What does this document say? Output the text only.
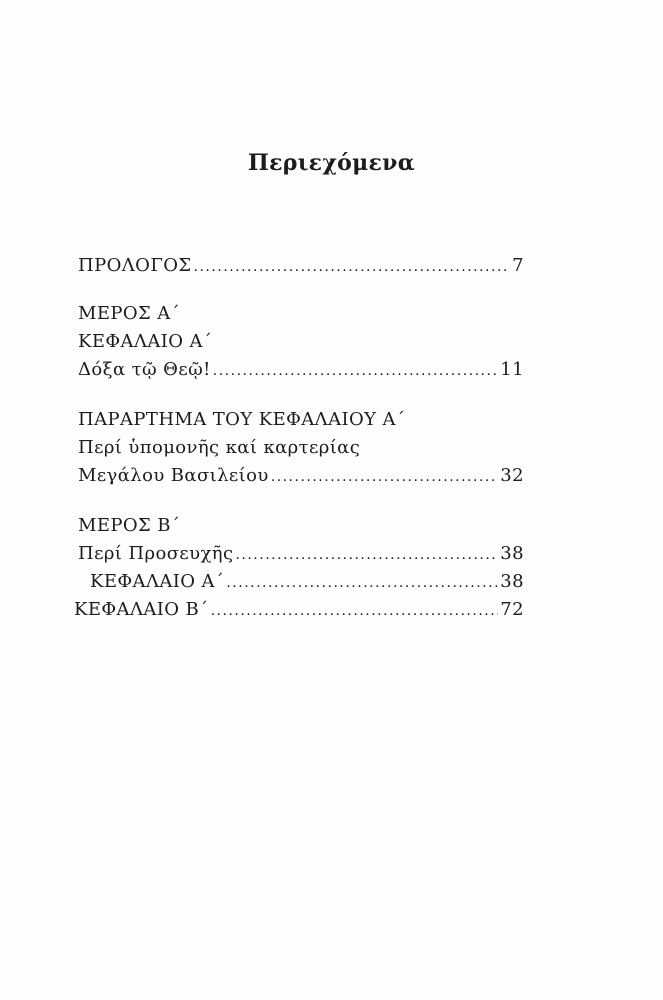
Περιεχόμενα
ΠΡΟΛΟΓΟΣ .....	7
ΜΕΡΟΣ Α΄
ΚΕΦΑΛΑΙΟ Α΄
Δόξα τῷ Θεῷ! .....	11
ΠΑΡΑΡΤΗΜΑ ΤΟΥ ΚΕΦΑΛΑΙΟΥ Α΄
Περί ὑπομονῆς καί καρτερίας
Μεγάλου Βασιλείου .....	32
ΜΕΡΟΣ Β΄
Περί Προσευχῆς .....	38
ΚΕΦΑΛΑΙΟ Α΄ .....	38
ΚΕΦΑΛΑΙΟ Β΄ .....	72
